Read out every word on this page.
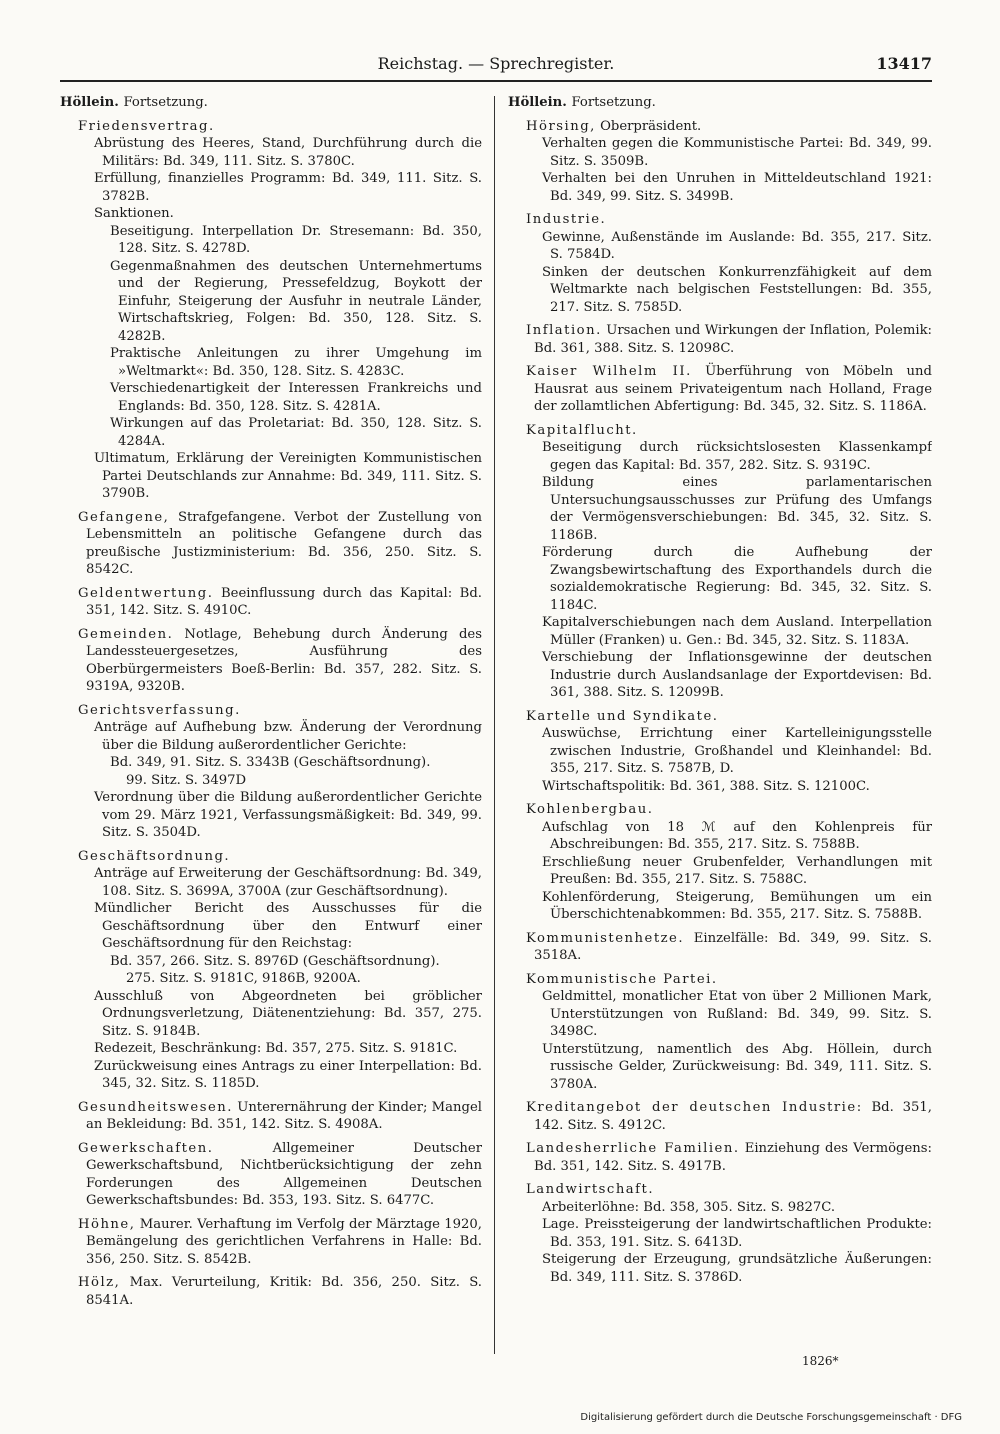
Reichstag. — Sprechregister.	13417
Höllein. Fortsetzung.

Friedensvertrag.

Abrüstung des Heeres, Stand, Durchführung durch die Militärs: Bd. 349, 111. Sitz. S. 3780C.

Erfüllung, finanzielles Programm: Bd. 349, 111. Sitz. S. 3782B.

Sanktionen.

Beseitigung. Interpellation Dr. Stresemann: Bd. 350, 128. Sitz. S. 4278D.

Gegenmaßnahmen des deutschen Unternehmertums und der Regierung, Pressefeldzug, Boykott der Einfuhr, Steigerung der Ausfuhr in neutrale Länder, Wirtschaftskrieg, Folgen: Bd. 350, 128. Sitz. S. 4282B.

Praktische Anleitungen zu ihrer Umgehung im »Weltmarkt«: Bd. 350, 128. Sitz. S. 4283C.

Verschiedenartigkeit der Interessen Frankreichs und Englands: Bd. 350, 128. Sitz. S. 4281A.

Wirkungen auf das Proletariat: Bd. 350, 128. Sitz. S. 4284A.

Ultimatum, Erklärung der Vereinigten Kommunistischen Partei Deutschlands zur Annahme: Bd. 349, 111. Sitz. S. 3790B.

Gefangene, Strafgefangene. Verbot der Zustellung von Lebensmitteln an politische Gefangene durch das preußische Justizministerium: Bd. 356, 250. Sitz. S. 8542C.

Geldentwertung. Beeinflussung durch das Kapital: Bd. 351, 142. Sitz. S. 4910C.

Gemeinden. Notlage, Behebung durch Änderung des Landessteuergesetzes, Ausführung des Oberbürgermeisters Boeß-Berlin: Bd. 357, 282. Sitz. S. 9319A, 9320B.

Gerichtsverfassung.

Anträge auf Aufhebung bzw. Änderung der Verordnung über die Bildung außerordentlicher Gerichte:

Bd. 349, 91. Sitz. S. 3343B (Geschäftsordnung).

99. Sitz. S. 3497D

Verordnung über die Bildung außerordentlicher Gerichte vom 29. März 1921, Verfassungsmäßigkeit: Bd. 349, 99. Sitz. S. 3504D.

Geschäftsordnung.

Anträge auf Erweiterung der Geschäftsordnung: Bd. 349, 108. Sitz. S. 3699A, 3700A (zur Geschäftsordnung).

Mündlicher Bericht des Ausschusses für die Geschäftsordnung über den Entwurf einer Geschäftsordnung für den Reichstag:

Bd. 357, 266. Sitz. S. 8976D (Geschäftsordnung).

275. Sitz. S. 9181C, 9186B, 9200A.

Ausschluß von Abgeordneten bei gröblicher Ordnungsverletzung, Diätenentziehung: Bd. 357, 275. Sitz. S. 9184B.

Redezeit, Beschränkung: Bd. 357, 275. Sitz. S. 9181C.

Zurückweisung eines Antrags zu einer Interpellation: Bd. 345, 32. Sitz. S. 1185D.

Gesundheitswesen. Unterernährung der Kinder; Mangel an Bekleidung: Bd. 351, 142. Sitz. S. 4908A.

Gewerkschaften.	Allgemeiner Deutscher Gewerkschaftsbund, Nichtberücksichtigung der zehn Forderungen des Allgemeinen Deutschen Gewerkschaftsbundes: Bd. 353, 193. Sitz. S. 6477C.

Höhne, Maurer. Verhaftung im Verfolg der Märztage 1920, Bemängelung des gerichtlichen Verfahrens in Halle: Bd. 356, 250. Sitz. S. 8542B.

Hölz, Max. Verurteilung, Kritik: Bd. 356, 250. Sitz. S. 8541A.

Höllein. Fortsetzung.

Hörsing, Oberpräsident.

Verhalten gegen die Kommunistische Partei: Bd. 349, 99. Sitz. S. 3509B.

Verhalten bei den Unruhen in Mitteldeutschland 1921: Bd. 349, 99. Sitz. S. 3499B.

Industrie.

Gewinne, Außenstände im Auslande: Bd. 355, 217. Sitz. S. 7584D.

Sinken der deutschen Konkurrenzfähigkeit auf dem Weltmarkte nach belgischen Feststellungen: Bd. 355, 217. Sitz. S. 7585D.

Inflation. Ursachen und Wirkungen der Inflation, Polemik: Bd. 361, 388. Sitz. S. 12098C.

Kaiser Wilhelm II. Überführung von Möbeln und Hausrat aus seinem Privateigentum nach Holland, Frage der zollamtlichen Abfertigung: Bd. 345, 32. Sitz. S. 1186A.

Kapitalflucht.

Beseitigung durch rücksichtslosesten Klassenkampf gegen das Kapital: Bd. 357, 282. Sitz. S. 9319C.

Bildung eines parlamentarischen Untersuchungsausschusses zur Prüfung des Umfangs der Vermögensverschiebungen: Bd. 345, 32. Sitz. S. 1186B.

Förderung durch die Aufhebung der Zwangsbewirtschaftung des Exporthandels durch die sozialdemokratische Regierung: Bd. 345, 32. Sitz. S. 1184C.

Kapitalverschiebungen nach dem Ausland. Interpellation Müller (Franken) u. Gen.: Bd. 345, 32. Sitz. S. 1183A.

Verschiebung der Inflationsgewinne der deutschen Industrie durch Auslandsanlage der Exportdevisen: Bd. 361, 388. Sitz. S. 12099B.

Kartelle und Syndikate.

Auswüchse, Errichtung einer Kartelleinigungsstelle zwischen Industrie, Großhandel und Kleinhandel: Bd. 355, 217. Sitz. S. 7587B, D.

Wirtschaftspolitik: Bd. 361, 388. Sitz. S. 12100C.

Kohlenbergbau.

Aufschlag von 18 ℳ auf den Kohlenpreis für Abschreibungen: Bd. 355, 217. Sitz. S. 7588B.

Erschließung neuer Grubenfelder, Verhandlungen mit Preußen: Bd. 355, 217. Sitz. S. 7588C.

Kohlenförderung, Steigerung, Bemühungen um ein Überschichtenabkommen: Bd. 355, 217. Sitz. S. 7588B.

Kommunistenhetze. Einzelfälle: Bd. 349, 99. Sitz. S. 3518A.

Kommunistische Partei.

Geldmittel, monatlicher Etat von über 2 Millionen Mark, Unterstützungen von Rußland: Bd. 349, 99. Sitz. S. 3498C.

Unterstützung, namentlich des Abg. Höllein, durch russische Gelder, Zurückweisung: Bd. 349, 111. Sitz. S. 3780A.

Kreditangebot der deutschen Industrie: Bd. 351, 142. Sitz. S. 4912C.

Landesherrliche Familien. Einziehung des Vermögens: Bd. 351, 142. Sitz. S. 4917B.

Landwirtschaft.

Arbeiterlöhne: Bd. 358, 305. Sitz. S. 9827C.

Lage. Preissteigerung der landwirtschaftlichen Produkte: Bd. 353, 191. Sitz. S. 6413D.

Steigerung der Erzeugung, grundsätzliche Äußerungen: Bd. 349, 111. Sitz. S. 3786D.

1826*
Digitalisierung gefördert durch die Deutsche Forschungsgemeinschaft · DFG
